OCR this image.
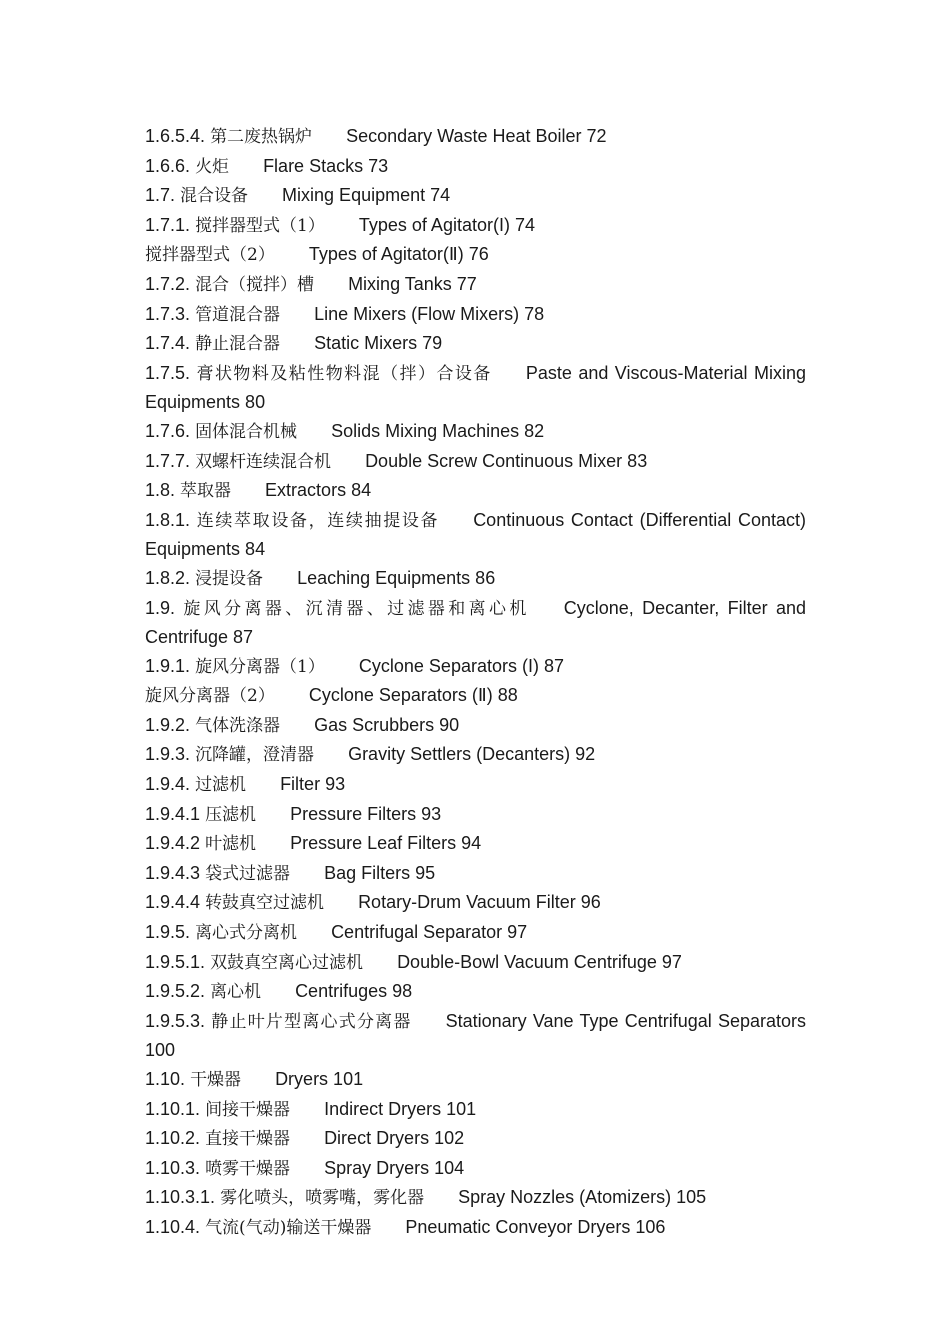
1.6.5.4. 第二废热锅炉 Secondary Waste Heat Boiler 72

1.6.6. 火炬 Flare Stacks 73

1.7. 混合设备 Mixing Equipment 74

1.7.1. 搅拌器型式（1） Types of Agitator(I) 74

搅拌器型式（2） Types of Agitator(Ⅱ) 76

1.7.2. 混合（搅拌）槽 Mixing Tanks 77

1.7.3. 管道混合器 Line Mixers (Flow Mixers) 78

1.7.4. 静止混合器 Static Mixers 79

1.7.5. 膏状物料及粘性物料混（拌）合设备 Paste and Viscous-Material Mixing Equipments 80

1.7.6. 固体混合机械 Solids Mixing Machines 82

1.7.7. 双螺杆连续混合机 Double Screw Continuous Mixer 83

1.8. 萃取器 Extractors 84

1.8.1. 连续萃取设备，连续抽提设备 Continuous Contact (Differential Contact) Equipments 84

1.8.2. 浸提设备 Leaching Equipments 86

1.9. 旋风分离器、沉清器、过滤器和离心机 Cyclone, Decanter, Filter and Centrifuge 87

1.9.1. 旋风分离器（1） Cyclone Separators (I) 87

旋风分离器（2） Cyclone Separators (Ⅱ) 88

1.9.2. 气体洗涤器 Gas Scrubbers 90

1.9.3. 沉降罐，澄清器 Gravity Settlers (Decanters) 92

1.9.4. 过滤机 Filter 93

1.9.4.1 压滤机 Pressure Filters 93

1.9.4.2 叶滤机 Pressure Leaf Filters 94

1.9.4.3 袋式过滤器 Bag Filters 95

1.9.4.4 转鼓真空过滤机 Rotary-Drum Vacuum Filter 96

1.9.5. 离心式分离机 Centrifugal Separator 97

1.9.5.1. 双鼓真空离心过滤机 Double-Bowl Vacuum Centrifuge 97

1.9.5.2. 离心机 Centrifuges 98

1.9.5.3. 静止叶片型离心式分离器 Stationary Vane Type Centrifugal Separators 100

1.10. 干燥器 Dryers 101

1.10.1. 间接干燥器 Indirect Dryers 101

1.10.2. 直接干燥器 Direct Dryers 102

1.10.3. 喷雾干燥器 Spray Dryers 104

1.10.3.1. 雾化喷头，喷雾嘴，雾化器 Spray Nozzles (Atomizers) 105

1.10.4. 气流(气动)输送干燥器 Pneumatic Conveyor Dryers 106
